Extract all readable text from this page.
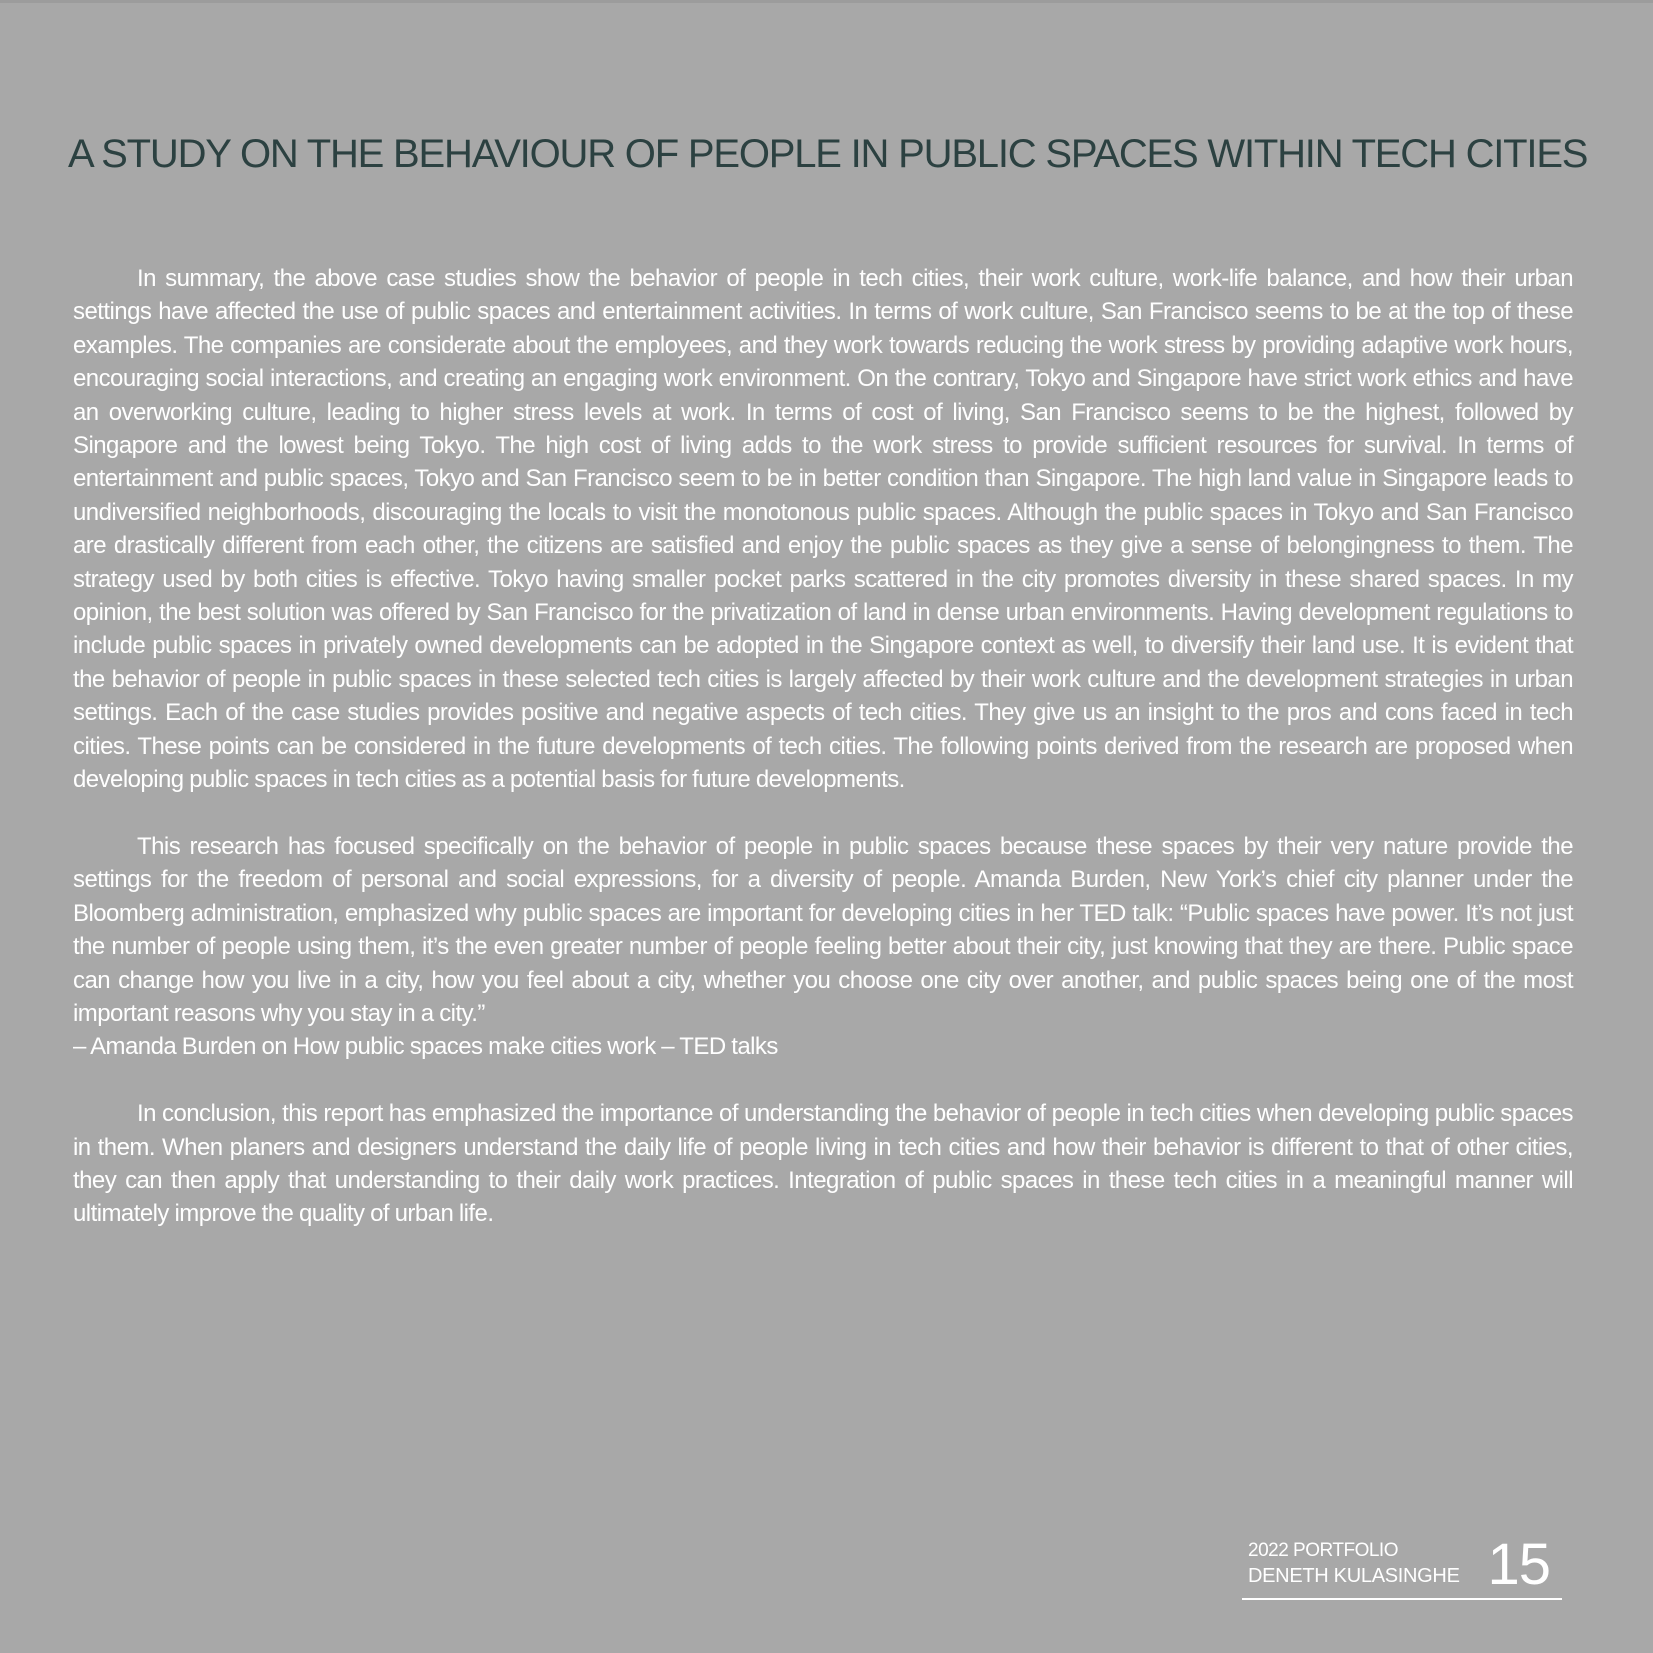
A STUDY ON THE BEHAVIOUR OF PEOPLE IN PUBLIC SPACES WITHIN TECH CITIES

In summary, the above case studies show the behavior of people in tech cities, their work culture, work-life balance, and how their urban settings have affected the use of public spaces and entertainment activities. In terms of work culture, San Francisco seems to be at the top of these examples. The companies are considerate about the employees, and they work towards reducing the work stress by providing adaptive work hours, encouraging social interactions, and creating an engaging work environment. On the contrary, Tokyo and Singapore have strict work ethics and have an overworking culture, leading to higher stress levels at work. In terms of cost of living, San Francisco seems to be the highest, followed by Singapore and the lowest being Tokyo. The high cost of living adds to the work stress to provide sufficient resources for survival. In terms of entertainment and public spaces, Tokyo and San Francisco seem to be in better condition than Singapore. The high land value in Singapore leads to undiversified neighborhoods, discouraging the locals to visit the monotonous public spaces. Although the public spaces in Tokyo and San Francisco are drastically different from each other, the citizens are satisfied and enjoy the public spaces as they give a sense of belongingness to them. The strategy used by both cities is effective. Tokyo having smaller pocket parks scattered in the city promotes diversity in these shared spaces. In my opinion, the best solution was offered by San Francisco for the privatization of land in dense urban environments. Having development regulations to include public spaces in privately owned developments can be adopted in the Singapore context as well, to diversify their land use. It is evident that the behavior of people in public spaces in these selected tech cities is largely affected by their work culture and the development strategies in urban settings. Each of the case studies provides positive and negative aspects of tech cities. They give us an insight to the pros and cons faced in tech cities. These points can be considered in the future developments of tech cities. The following points derived from the research are proposed when developing public spaces in tech cities as a potential basis for future developments.

This research has focused specifically on the behavior of people in public spaces because these spaces by their very nature provide the settings for the freedom of personal and social expressions, for a diversity of people. Amanda Burden, New York’s chief city planner under the Bloomberg administration, emphasized why public spaces are important for developing cities in her TED talk: “Public spaces have power. It’s not just the number of people using them, it’s the even greater number of people feeling better about their city, just knowing that they are there. Public space can change how you live in a city, how you feel about a city, whether you choose one city over another, and public spaces being one of the most important reasons why you stay in a city.”
– Amanda Burden on How public spaces make cities work – TED talks

In conclusion, this report has emphasized the importance of understanding the behavior of people in tech cities when developing public spaces in them. When planers and designers understand the daily life of people living in tech cities and how their behavior is different to that of other cities, they can then apply that understanding to their daily work practices. Integration of public spaces in these tech cities in a meaningful manner will ultimately improve the quality of urban life.

2022 PORTFOLIO
DENETH KULASINGHE 15
